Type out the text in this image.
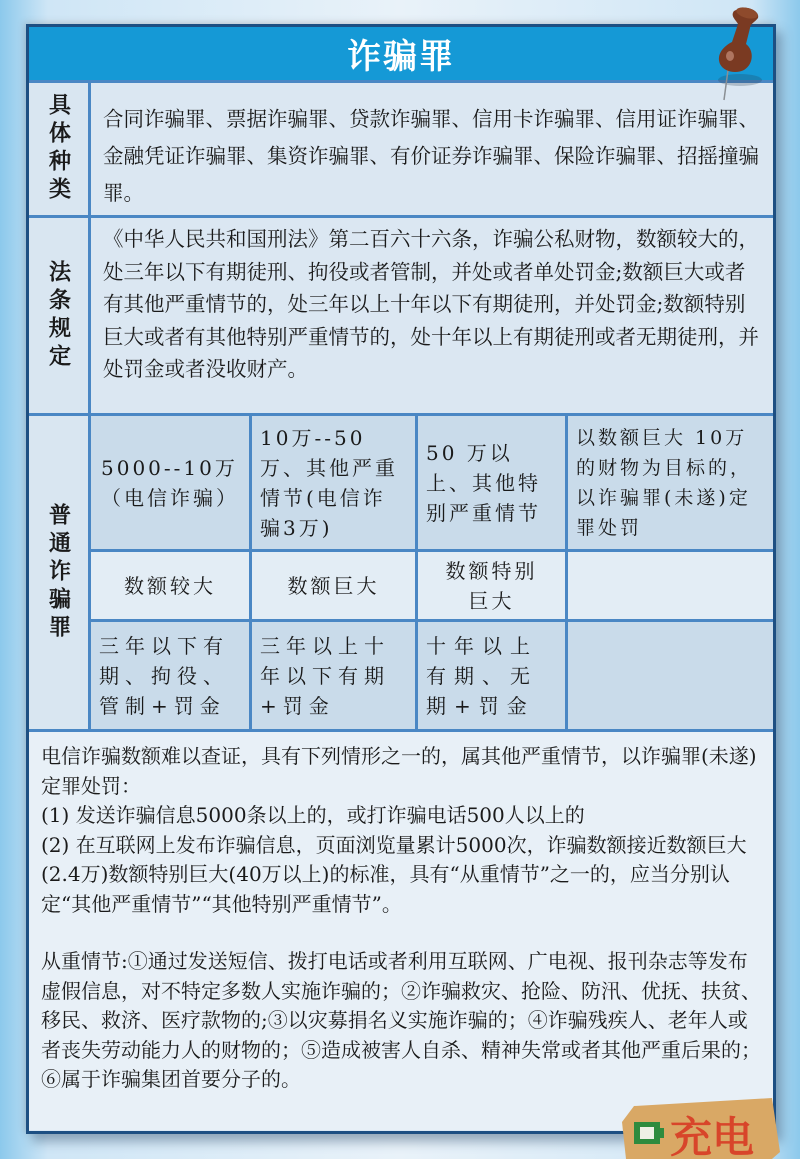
诈骗罪
具体种类	合同诈骗罪、票据诈骗罪、贷款诈骗罪、信用卡诈骗罪、信用证诈骗罪、金融凭证诈骗罪、集资诈骗罪、有价证券诈骗罪、保险诈骗罪、招摇撞骗罪。
法条规定
《中华人民共和国刑法》第二百六十六条，诈骗公私财物，数额较大的，处三年以下有期徒刑、拘役或者管制，并处或者单处罚金;数额巨大或者有其他严重情节的，处三年以上十年以下有期徒刑，并处罚金;数额特别巨大或者有其他特别严重情节的，处十年以上有期徒刑或者无期徒刑，并处罚金或者没收财产。
普通诈骗罪
5000--10万（电信诈骗）
10万--50万、其他严重情节(电信诈骗3万)
50 万以上、其他特别严重情节
以数额巨大 10万的财物为目标的，以诈骗罪(未遂)定罪处罚
数额较大	数额巨大
数额特别巨大
三年以下有期、拘役、管制+罚金
三年以上十年以下有期+罚金
十年以上有期、无期+罚金

电信诈骗数额难以查证，具有下列情形之一的，属其他严重情节，以诈骗罪(未遂)定罪处罚：

(1) 发送诈骗信息5000条以上的，或打诈骗电话500人以上的

(2) 在互联网上发布诈骗信息，页面浏览量累计5000次，诈骗数额接近数额巨大(2.4万)数额特别巨大(40万以上)的标准，具有“从重情节”之一的，应当分别认定“其他严重情节”“其他特别严重情节”。

从重情节:①通过发送短信、拨打电话或者利用互联网、广电视、报刊杂志等发布虚假信息，对不特定多数人实施诈骗的；②诈骗救灾、抢险、防汛、优抚、扶贫、移民、救济、医疗款物的;③以灾募捐名义实施诈骗的；④诈骗残疾人、老年人或者丧失劳动能力人的财物的；⑤造成被害人自杀、精神失常或者其他严重后果的；⑥属于诈骗集团首要分子的。

充电
